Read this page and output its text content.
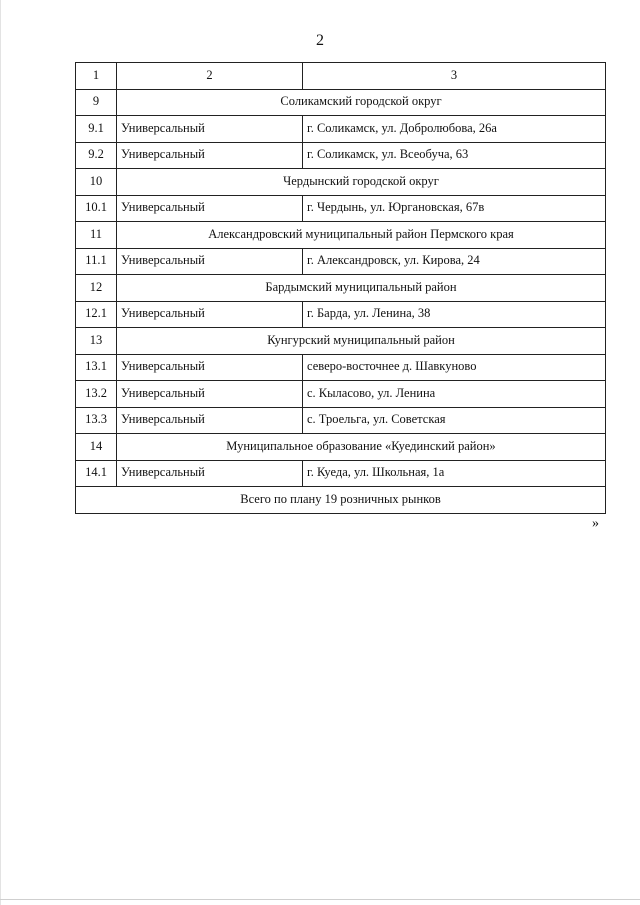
2
1	2	3
9	Соликамский городской округ	
9.1	Универсальный	г. Соликамск, ул. Добролюбова, 26а
9.2	Универсальный	г. Соликамск, ул. Всеобуча, 63
10	Чердынский городской округ	
10.1	Универсальный	г. Чердынь, ул. Юргановская, 67в
11	Александровский муниципальный район Пермского края	
11.1	Универсальный	г. Александровск, ул. Кирова, 24
12	Бардымский муниципальный район	
12.1	Универсальный	г. Барда, ул. Ленина, 38
13	Кунгурский муниципальный район	
13.1	Универсальный	северо-восточнее д. Шавкуново
13.2	Универсальный	с. Кыласово, ул. Ленина
13.3	Универсальный	с. Троельга, ул. Советская
14	Муниципальное образование «Куединский район»	
14.1	Универсальный	г. Куеда, ул. Школьная, 1а
Всего по плану 19 розничных рынков		
»
